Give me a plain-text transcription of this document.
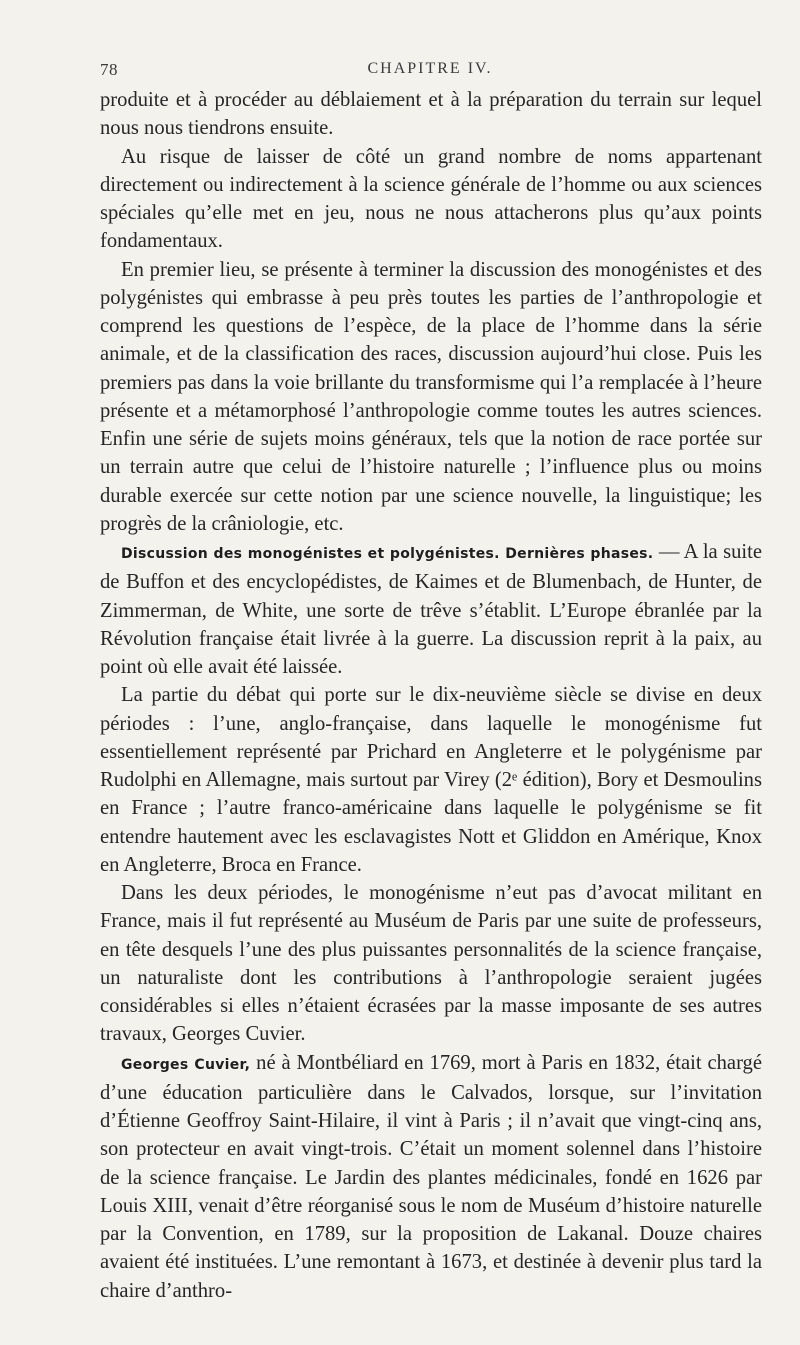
78	CHAPITRE IV.

produite et à procéder au déblaiement et à la préparation du terrain sur lequel nous nous tiendrons ensuite.

Au risque de laisser de côté un grand nombre de noms appartenant directement ou indirectement à la science générale de l’homme ou aux sciences spéciales qu’elle met en jeu, nous ne nous attacherons plus qu’aux points fondamentaux.

En premier lieu, se présente à terminer la discussion des monogénistes et des polygénistes qui embrasse à peu près toutes les parties de l’anthropologie et comprend les questions de l’espèce, de la place de l’homme dans la série animale, et de la classification des races, discussion aujourd’hui close. Puis les premiers pas dans la voie brillante du transformisme qui l’a remplacée à l’heure présente et a métamorphosé l’anthropologie comme toutes les autres sciences. Enfin une série de sujets moins généraux, tels que la notion de race portée sur un terrain autre que celui de l’histoire naturelle ; l’influence plus ou moins durable exercée sur cette notion par une science nouvelle, la linguistique; les progrès de la crâniologie, etc.

Discussion des monogénistes et polygénistes. Dernières phases. — A la suite de Buffon et des encyclopédistes, de Kaimes et de Blumenbach, de Hunter, de Zimmerman, de White, une sorte de trêve s’établit. L’Europe ébranlée par la Révolution française était livrée à la guerre. La discussion reprit à la paix, au point où elle avait été laissée.

La partie du débat qui porte sur le dix-neuvième siècle se divise en deux périodes : l’une, anglo-française, dans laquelle le monogénisme fut essentiellement représenté par Prichard en Angleterre et le polygénisme par Rudolphi en Allemagne, mais surtout par Virey (2ᵉ édition), Bory et Desmoulins en France ; l’autre franco-américaine dans laquelle le polygénisme se fit entendre hautement avec les esclavagistes Nott et Gliddon en Amérique, Knox en Angleterre, Broca en France.

Dans les deux périodes, le monogénisme n’eut pas d’avocat militant en France, mais il fut représenté au Muséum de Paris par une suite de professeurs, en tête desquels l’une des plus puissantes personnalités de la science française, un naturaliste dont les contributions à l’anthropologie seraient jugées considérables si elles n’étaient écrasées par la masse imposante de ses autres travaux, Georges Cuvier.

Georges Cuvier, né à Montbéliard en 1769, mort à Paris en 1832, était chargé d’une éducation particulière dans le Calvados, lorsque, sur l’invitation d’Étienne Geoffroy Saint-Hilaire, il vint à Paris ; il n’avait que vingt-cinq ans, son protecteur en avait vingt-trois. C’était un moment solennel dans l’histoire de la science française. Le Jardin des plantes médicinales, fondé en 1626 par Louis XIII, venait d’être réorganisé sous le nom de Muséum d’histoire naturelle par la Convention, en 1789, sur la proposition de Lakanal. Douze chaires avaient été instituées. L’une remontant à 1673, et destinée à devenir plus tard la chaire d’anthro-
